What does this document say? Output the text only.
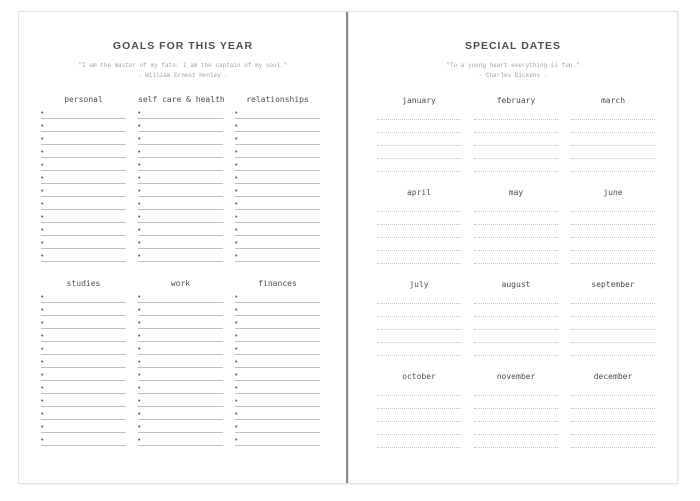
GOALS FOR THIS YEAR
"I am the master of my fate: I am the captain of my soul."
- William Ernest Henley -
personal
•
•
•
•
•
•
•
•
•
•
•
•
self care & health
•
•
•
•
•
•
•
•
•
•
•
•
relationships
•
•
•
•
•
•
•
•
•
•
•
•
studies
•
•
•
•
•
•
•
•
•
•
•
•
work
•
•
•
•
•
•
•
•
•
•
•
•
finances
•
•
•
•
•
•
•
•
•
•
•
•
SPECIAL DATES
"To a young heart everything is fun."
- Charles Dickens -
january	february	march
april	may	june
july	august	september
october	november	december
